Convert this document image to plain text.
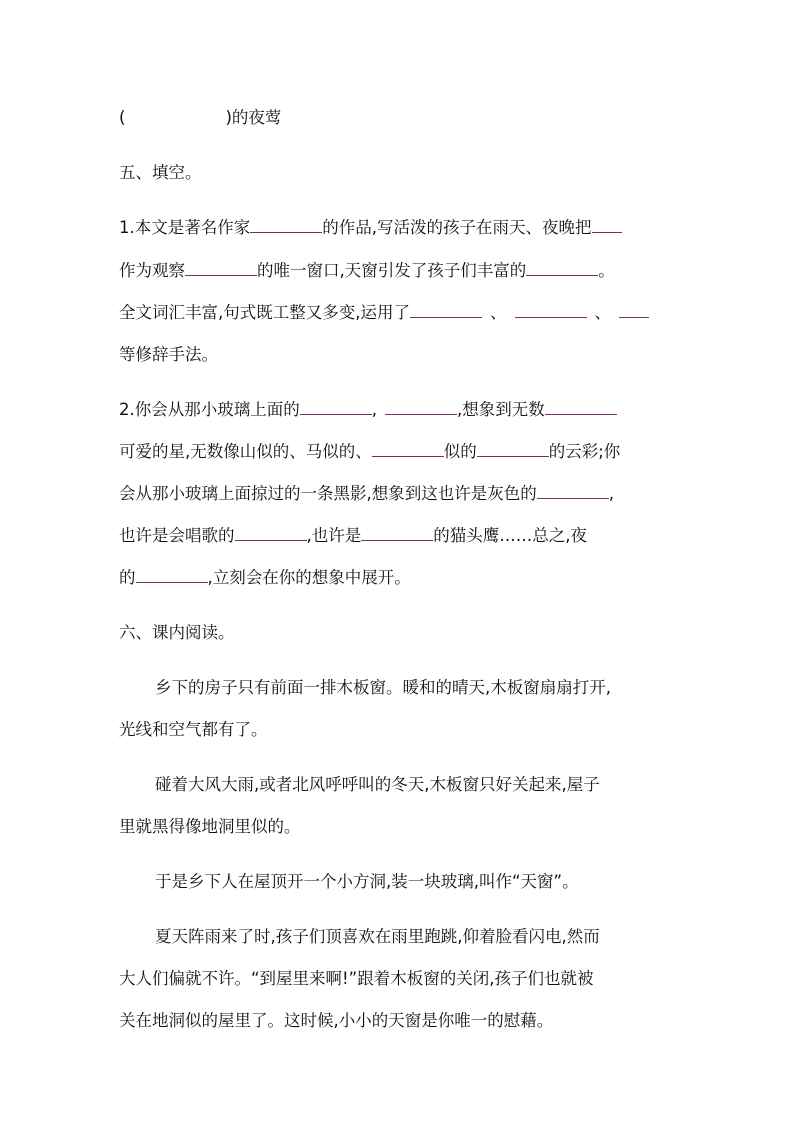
(	)的夜莺
五、填空。
1.本文是著名作家	的作品,写活泼的孩子在雨天、夜晚把
作为观察	的唯一窗口,天窗引发了孩子们丰富的	。
全文词汇丰富,句式既工整又多变,运用了	、	、
等修辞手法。
2.你会从那小玻璃上面的	,	,想象到无数
可爱的星,无数像山似的、马似的、	似的	的云彩;你
会从那小玻璃上面掠过的一条黑影,想象到这也许是灰色的	,
也许是会唱歌的	,也许是	的猫头鹰……总之,夜
的	,立刻会在你的想象中展开。
六、课内阅读。
乡下的房子只有前面一排木板窗。暖和的晴天,木板窗扇扇打开,
光线和空气都有了。
碰着大风大雨,或者北风呼呼叫的冬天,木板窗只好关起来,屋子
里就黑得像地洞里似的。
于是乡下人在屋顶开一个小方洞,装一块玻璃,叫作“天窗”。
夏天阵雨来了时,孩子们顶喜欢在雨里跑跳,仰着脸看闪电,然而
大人们偏就不许。“到屋里来啊!”跟着木板窗的关闭,孩子们也就被
关在地洞似的屋里了。这时候,小小的天窗是你唯一的慰藉。
